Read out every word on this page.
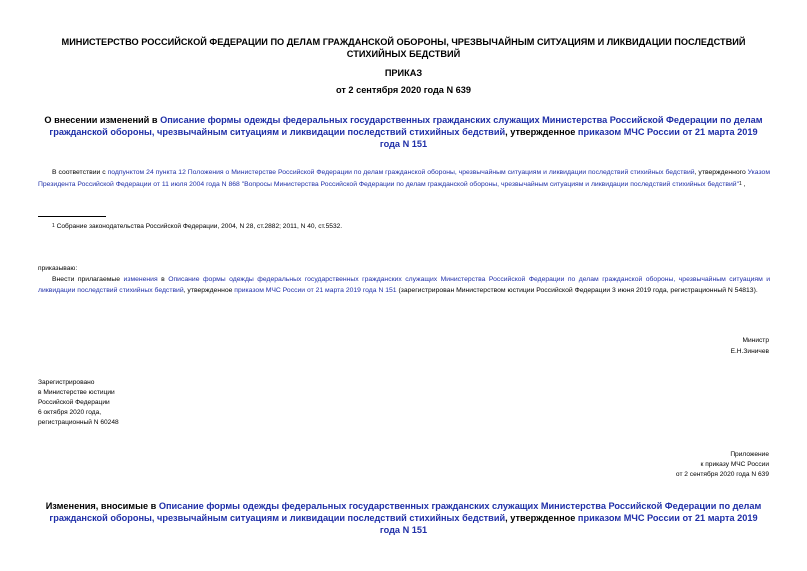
МИНИСТЕРСТВО РОССИЙСКОЙ ФЕДЕРАЦИИ ПО ДЕЛАМ ГРАЖДАНСКОЙ ОБОРОНЫ, ЧРЕЗВЫЧАЙНЫМ СИТУАЦИЯМ И ЛИКВИДАЦИИ ПОСЛЕДСТВИЙ СТИХИЙНЫХ БЕДСТВИЙ
ПРИКАЗ
от 2 сентября 2020 года N 639
О внесении изменений в Описание формы одежды федеральных государственных гражданских служащих Министерства Российской Федерации по делам гражданской обороны, чрезвычайным ситуациям и ликвидации последствий стихийных бедствий, утвержденное приказом МЧС России от 21 марта 2019 года N 151
В соответствии с подпунктом 24 пункта 12 Положения о Министерстве Российской Федерации по делам гражданской обороны, чрезвычайным ситуациям и ликвидации последствий стихийных бедствий, утвержденного Указом Президента Российской Федерации от 11 июля 2004 года N 868 "Вопросы Министерства Российской Федерации по делам гражданской обороны, чрезвычайным ситуациям и ликвидации последствий стихийных бедствий"$^1$ ,
1 Собрание законодательства Российской Федерации, 2004, N 28, ст.2882; 2011, N 40, ст.5532.
приказываю:
Внести прилагаемые изменения в Описание формы одежды федеральных государственных гражданских служащих Министерства Российской Федерации по делам гражданской обороны, чрезвычайным ситуациям и ликвидации последствий стихийных бедствий, утвержденное приказом МЧС России от 21 марта 2019 года N 151 (зарегистрирован Министерством юстиции Российской Федерации 3 июня 2019 года, регистрационный N 54813).
Министр
Е.Н.Зиничев
Зарегистрировано
в Министерстве юстиции
Российской Федерации
6 октября 2020 года,
регистрационный N 60248
Приложение
к приказу МЧС России
от 2 сентября 2020 года N 639
Изменения, вносимые в Описание формы одежды федеральных государственных гражданских служащих Министерства Российской Федерации по делам гражданской обороны, чрезвычайным ситуациям и ликвидации последствий стихийных бедствий, утвержденное приказом МЧС России от 21 марта 2019 года N 151
